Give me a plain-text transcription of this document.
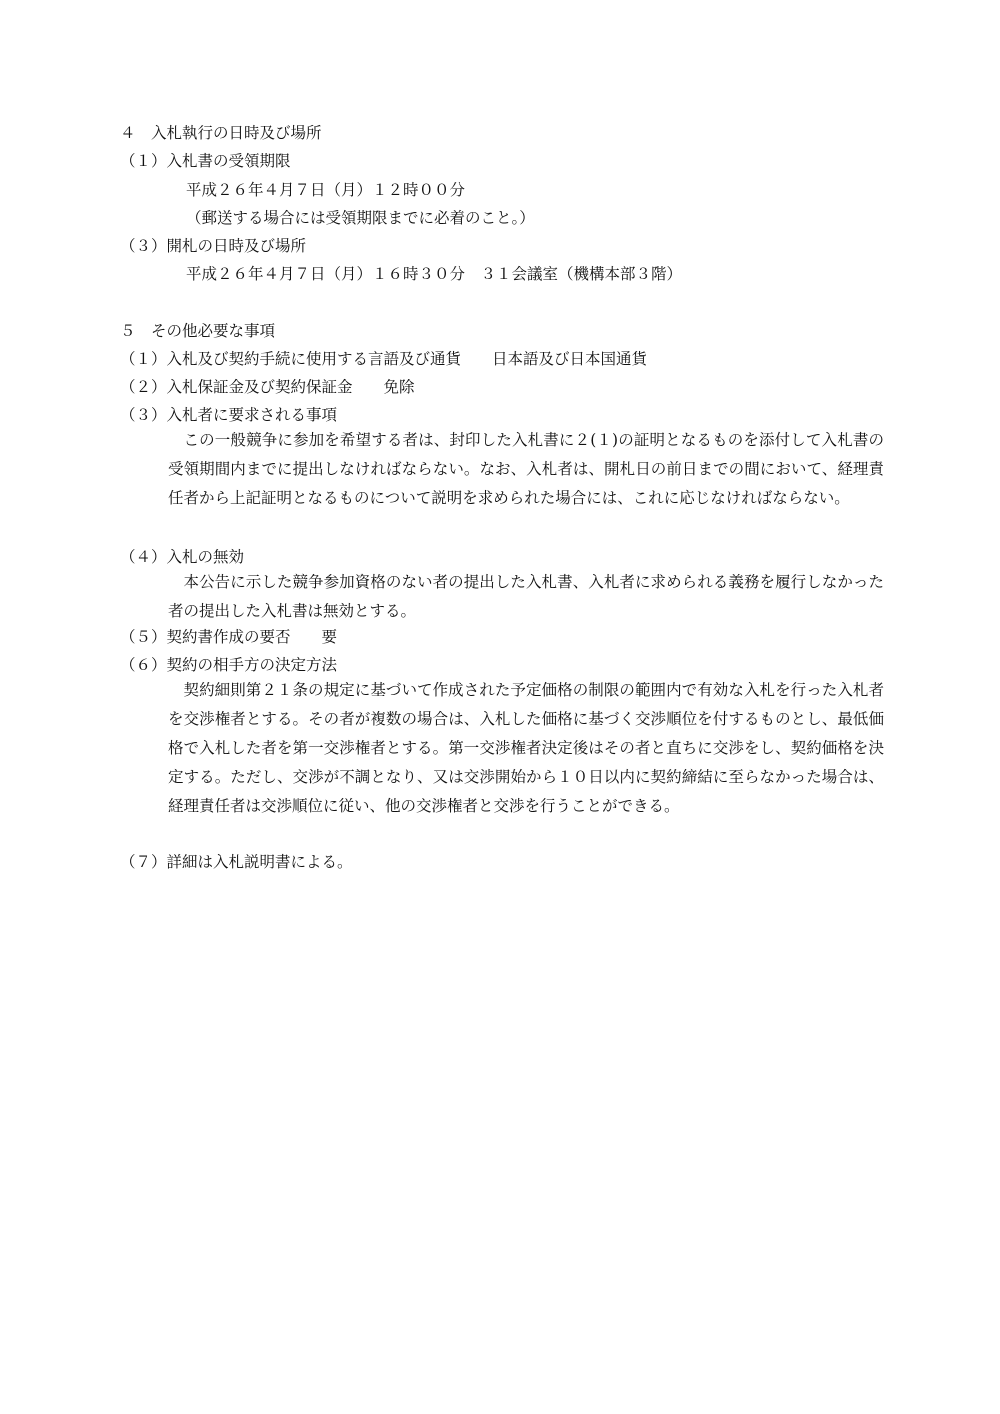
４　入札執行の日時及び場所
（１）入札書の受領期限
平成２６年４月７日（月）１２時００分
（郵送する場合には受領期限までに必着のこと。）
（３）開札の日時及び場所
平成２６年４月７日（月）１６時３０分　３１会議室（機構本部３階）
５　その他必要な事項
（１）入札及び契約手続に使用する言語及び通貨　　日本語及び日本国通貨
（２）入札保証金及び契約保証金　　免除
（３）入札者に要求される事項
この一般競争に参加を希望する者は、封印した入札書に２(１)の証明となるものを添付して入札書の受領期間内までに提出しなければならない。なお、入札者は、開札日の前日までの間において、経理責任者から上記証明となるものについて説明を求められた場合には、これに応じなければならない。
（４）入札の無効
本公告に示した競争参加資格のない者の提出した入札書、入札者に求められる義務を履行しなかった者の提出した入札書は無効とする。
（５）契約書作成の要否　　要
（６）契約の相手方の決定方法
契約細則第２１条の規定に基づいて作成された予定価格の制限の範囲内で有効な入札を行った入札者を交渉権者とする。その者が複数の場合は、入札した価格に基づく交渉順位を付するものとし、最低価格で入札した者を第一交渉権者とする。第一交渉権者決定後はその者と直ちに交渉をし、契約価格を決定する。ただし、交渉が不調となり、又は交渉開始から１０日以内に契約締結に至らなかった場合は、経理責任者は交渉順位に従い、他の交渉権者と交渉を行うことができる。
（７）詳細は入札説明書による。
